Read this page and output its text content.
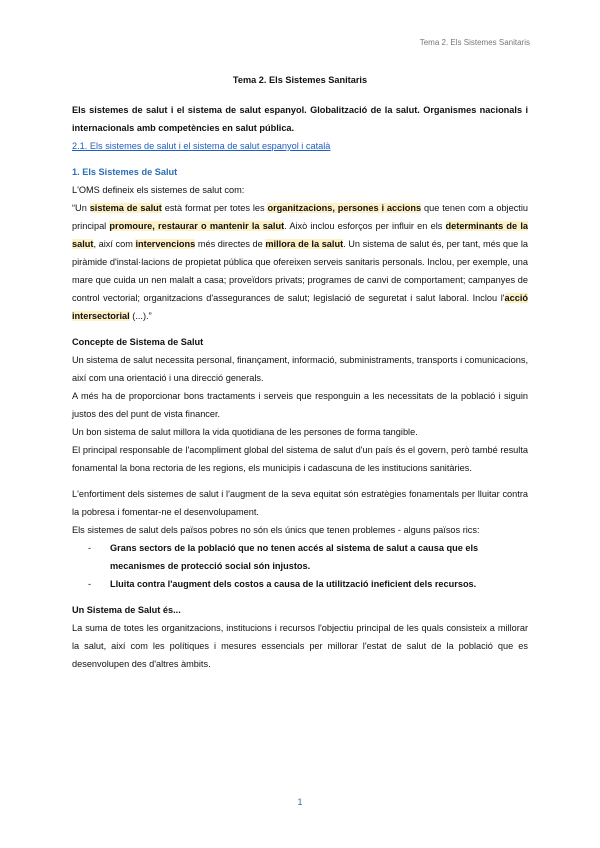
Tema 2. Els Sistemes Sanitaris
Tema 2. Els Sistemes Sanitaris

Els sistemes de salut i el sistema de salut espanyol. Globalització de la salut. Organismes nacionals i internacionals amb competències en salut pública.

2.1. Els sistemes de salut i el sistema de salut espanyol i català
1. Els Sistemes de Salut

L'OMS defineix els sistemes de salut com:

“Un sistema de salut està format per totes les organitzacions, persones i accions que tenen com a objectiu principal promoure, restaurar o mantenir la salut. Això inclou esforços per influir en els determinants de la salut, així com intervencions més directes de millora de la salut. Un sistema de salut és, per tant, més que la piràmide d'instal·lacions de propietat pública que ofereixen serveis sanitaris personals. Inclou, per exemple, una mare que cuida un nen malalt a casa; proveïdors privats; programes de canvi de comportament; campanyes de control vectorial; organitzacions d'assegurances de salut; legislació de seguretat i salut laboral. Inclou l'acció intersectorial (...).”

Concepte de Sistema de Salut

Un sistema de salut necessita personal, finançament, informació, subministraments, transports i comunicacions, així com una orientació i una direcció generals.

A més ha de proporcionar bons tractaments i serveis que responguin a les necessitats de la població i siguin justos des del punt de vista financer.

Un bon sistema de salut millora la vida quotidiana de les persones de forma tangible.

El principal responsable de l'acompliment global del sistema de salut d'un país és el govern, però també resulta fonamental la bona rectoria de les regions, els municipis i cadascuna de les institucions sanitàries.

L'enfortiment dels sistemes de salut i l'augment de la seva equitat són estratègies fonamentals per lluitar contra la pobresa i fomentar-ne el desenvolupament.

Els sistemes de salut dels països pobres no són els únics que tenen problemes - alguns països rics:

- Grans sectors de la població que no tenen accés al sistema de salut a causa que els mecanismes de protecció social són injustos.
- Lluita contra l'augment dels costos a causa de la utilització ineficient dels recursos.
Un Sistema de Salut és...

La suma de totes les organitzacions, institucions i recursos l'objectiu principal de les quals consisteix a millorar la salut, així com les polítiques i mesures essencials per millorar l'estat de salut de la població que es desenvolupen des d'altres àmbits.

1
